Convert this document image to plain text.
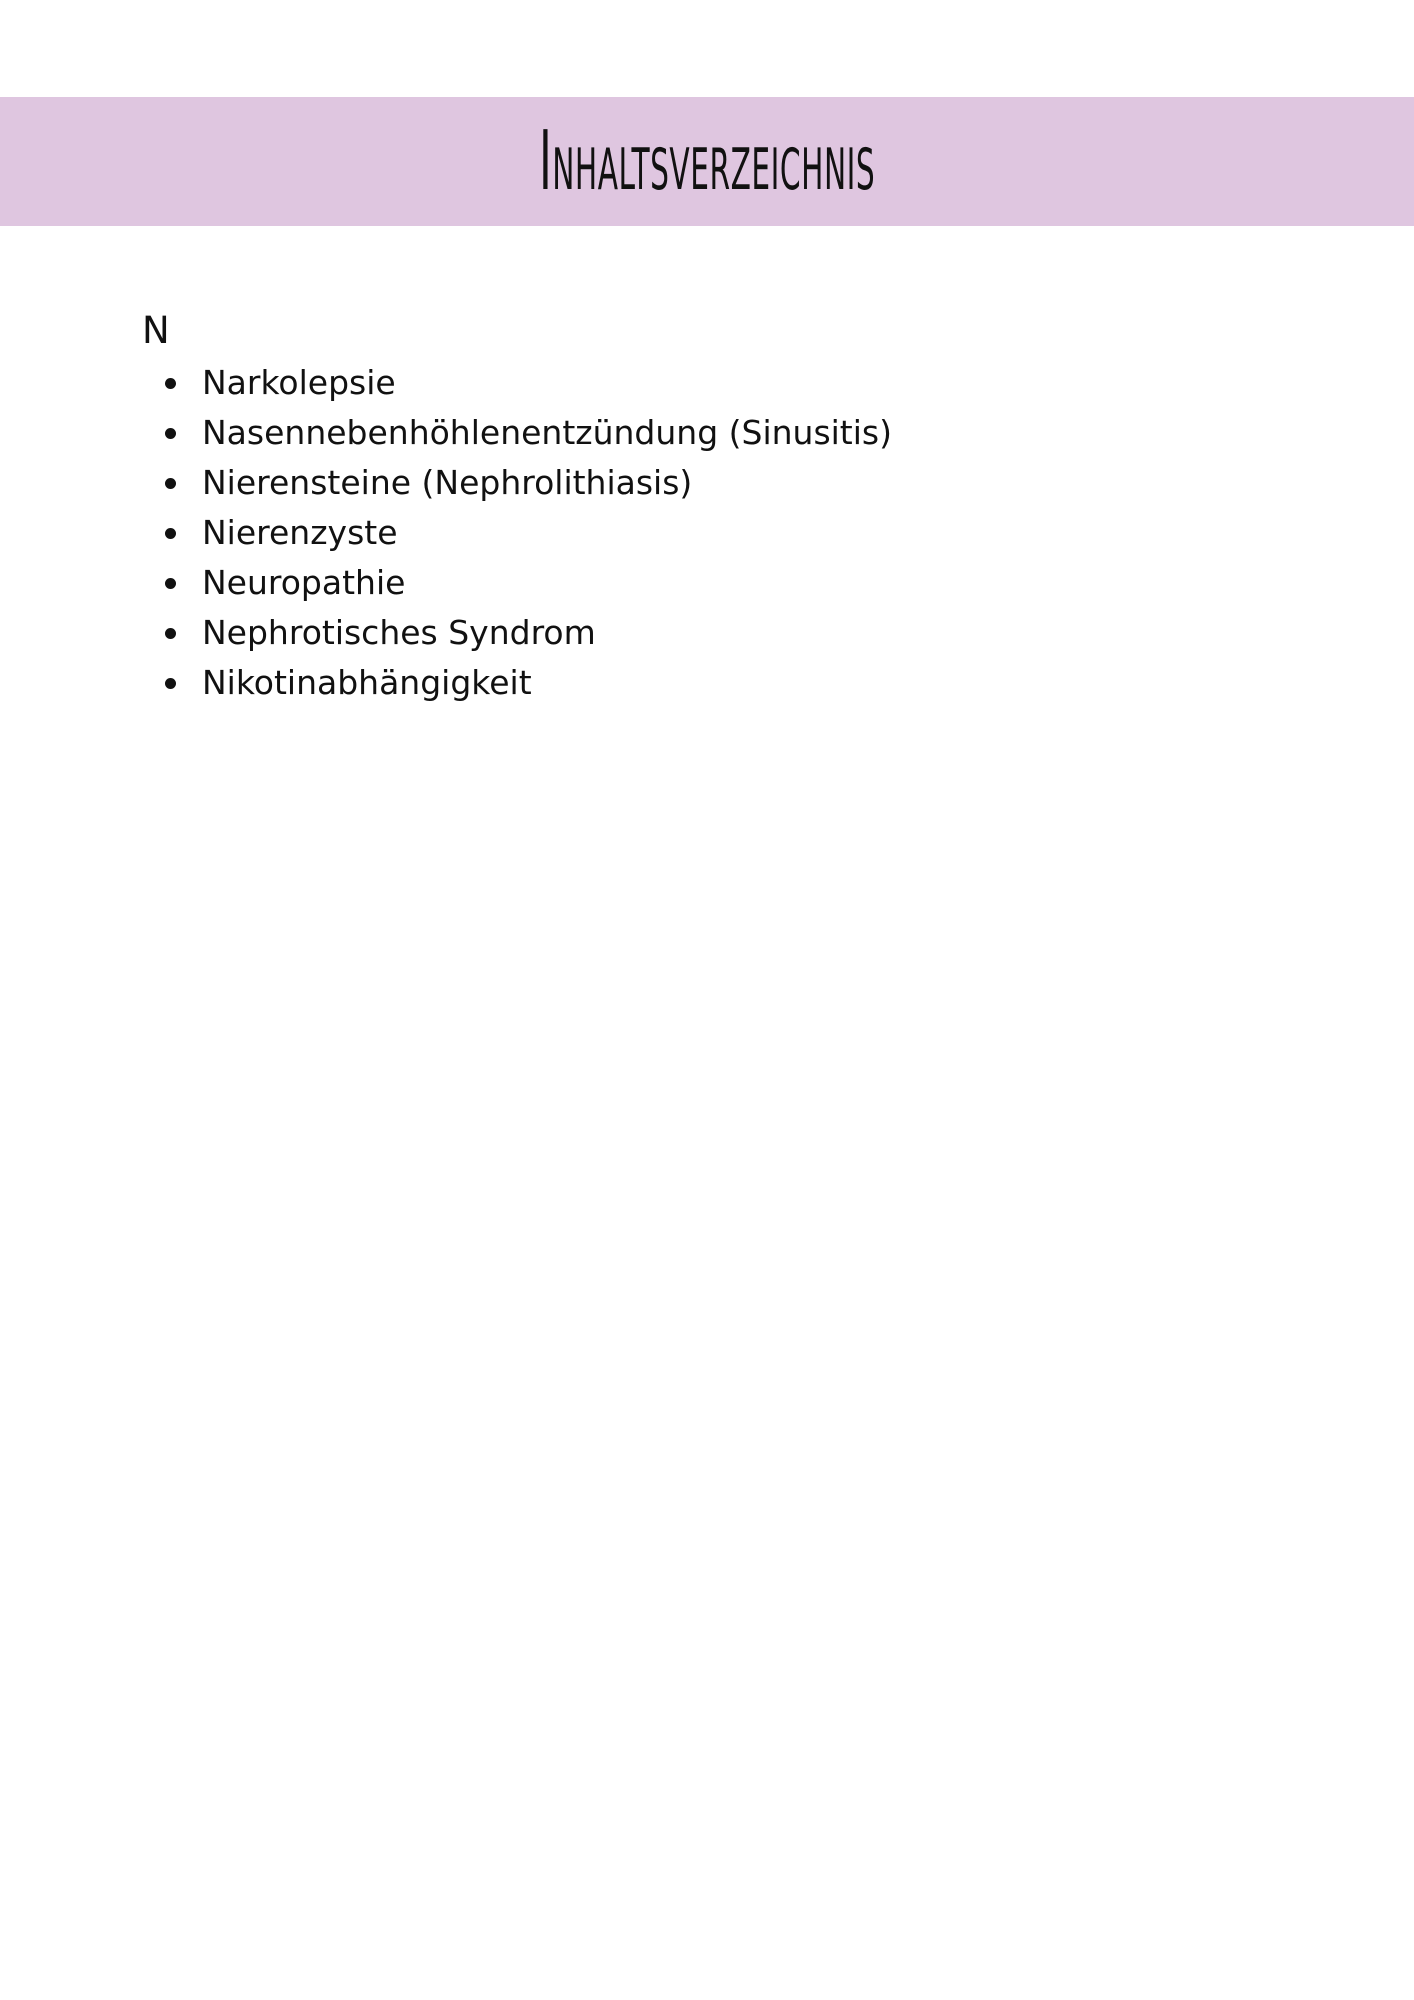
Inhaltsverzeichnis

N

Narkolepsie
Nasennebenhöhlenentzündung (Sinusitis)
Nierensteine (Nephrolithiasis)
Nierenzyste
Neuropathie
Nephrotisches Syndrom
Nikotinabhängigkeit
